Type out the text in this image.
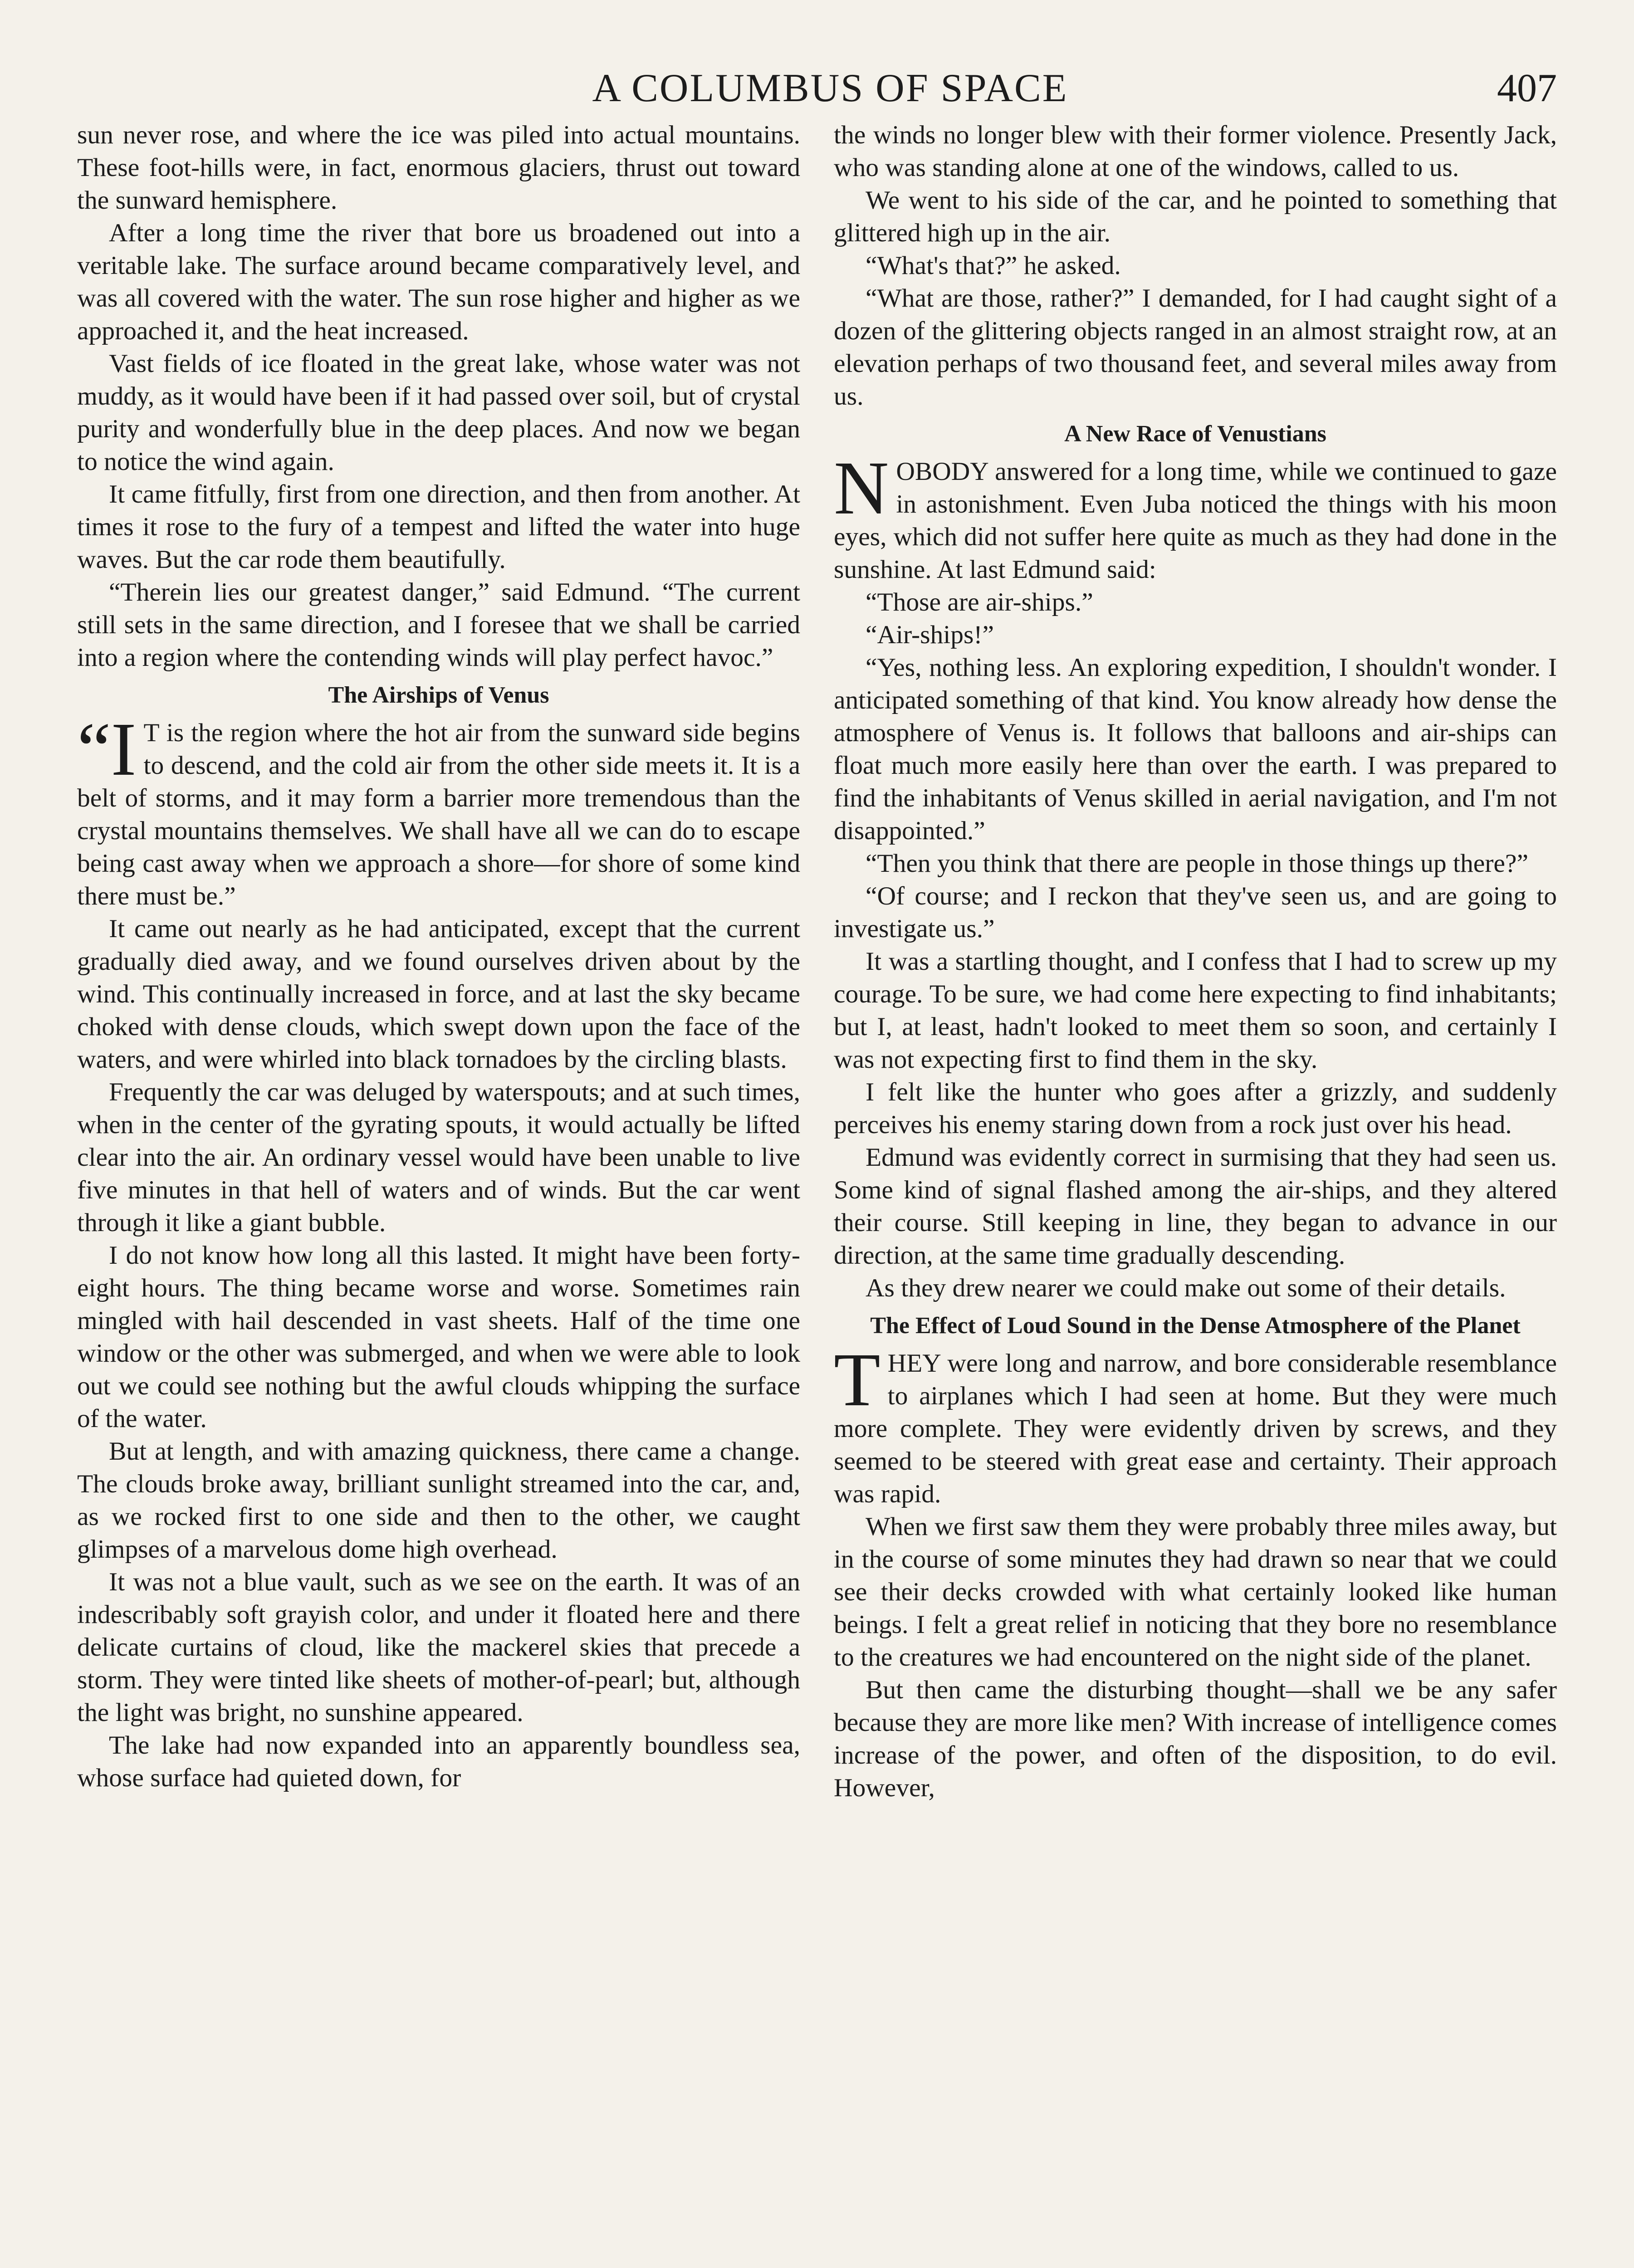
A COLUMBUS OF SPACE	407

sun never rose, and where the ice was piled into actual mountains. These foot-hills were, in fact, enormous glaciers, thrust out toward the sunward hemisphere.

After a long time the river that bore us broadened out into a veritable lake. The surface around became comparatively level, and was all covered with the water. The sun rose higher and higher as we approached it, and the heat increased.

Vast fields of ice floated in the great lake, whose water was not muddy, as it would have been if it had passed over soil, but of crystal purity and wonderfully blue in the deep places. And now we began to notice the wind again.

It came fitfully, first from one direction, and then from another. At times it rose to the fury of a tempest and lifted the water into huge waves. But the car rode them beautifully.

“Therein lies our greatest danger,” said Edmund. “The current still sets in the same direction, and I foresee that we shall be carried into a region where the contending winds will play perfect havoc.”

The Airships of Venus

“I T is the region where the hot air from the sunward side begins to descend, and the cold air from the other side meets it. It is a belt of storms, and it may form a barrier more tremendous than the crystal mountains themselves. We shall have all we can do to escape being cast away when we approach a shore—for shore of some kind there must be.”

It came out nearly as he had anticipated, except that the current gradually died away, and we found ourselves driven about by the wind. This continually increased in force, and at last the sky became choked with dense clouds, which swept down upon the face of the waters, and were whirled into black tornadoes by the circling blasts.

Frequently the car was deluged by waterspouts; and at such times, when in the center of the gyrating spouts, it would actually be lifted clear into the air. An ordinary vessel would have been unable to live five minutes in that hell of waters and of winds. But the car went through it like a giant bubble.

I do not know how long all this lasted. It might have been forty-eight hours. The thing became worse and worse. Sometimes rain mingled with hail descended in vast sheets. Half of the time one window or the other was submerged, and when we were able to look out we could see nothing but the awful clouds whipping the surface of the water.

But at length, and with amazing quickness, there came a change. The clouds broke away, brilliant sunlight streamed into the car, and, as we rocked first to one side and then to the other, we caught glimpses of a marvelous dome high overhead.

It was not a blue vault, such as we see on the earth. It was of an indescribably soft grayish color, and under it floated here and there delicate curtains of cloud, like the mackerel skies that precede a storm. They were tinted like sheets of mother-of-pearl; but, although the light was bright, no sunshine appeared.

The lake had now expanded into an apparently boundless sea, whose surface had quieted down, for

the winds no longer blew with their former violence. Presently Jack, who was standing alone at one of the windows, called to us.

We went to his side of the car, and he pointed to something that glittered high up in the air.

“What's that?” he asked.

“What are those, rather?” I demanded, for I had caught sight of a dozen of the glittering objects ranged in an almost straight row, at an elevation perhaps of two thousand feet, and several miles away from us.

A New Race of Venustians

NOBODY answered for a long time, while we continued to gaze in astonishment. Even Juba noticed the things with his moon eyes, which did not suffer here quite as much as they had done in the sunshine. At last Edmund said:

“Those are air-ships.”

“Air-ships!”

“Yes, nothing less. An exploring expedition, I shouldn't wonder. I anticipated something of that kind. You know already how dense the atmosphere of Venus is. It follows that balloons and air-ships can float much more easily here than over the earth. I was prepared to find the inhabitants of Venus skilled in aerial navigation, and I'm not disappointed.”

“Then you think that there are people in those things up there?”

“Of course; and I reckon that they've seen us, and are going to investigate us.”

It was a startling thought, and I confess that I had to screw up my courage. To be sure, we had come here expecting to find inhabitants; but I, at least, hadn't looked to meet them so soon, and certainly I was not expecting first to find them in the sky.

I felt like the hunter who goes after a grizzly, and suddenly perceives his enemy staring down from a rock just over his head.

Edmund was evidently correct in surmising that they had seen us. Some kind of signal flashed among the air-ships, and they altered their course. Still keeping in line, they began to advance in our direction, at the same time gradually descending.

As they drew nearer we could make out some of their details.

The Effect of Loud Sound in the Dense Atmosphere of the Planet

THEY were long and narrow, and bore considerable resemblance to airplanes which I had seen at home. But they were much more complete. They were evidently driven by screws, and they seemed to be steered with great ease and certainty. Their approach was rapid.

When we first saw them they were probably three miles away, but in the course of some minutes they had drawn so near that we could see their decks crowded with what certainly looked like human beings. I felt a great relief in noticing that they bore no resemblance to the creatures we had encountered on the night side of the planet.

But then came the disturbing thought—shall we be any safer because they are more like men? With increase of intelligence comes increase of the power, and often of the disposition, to do evil. However,
